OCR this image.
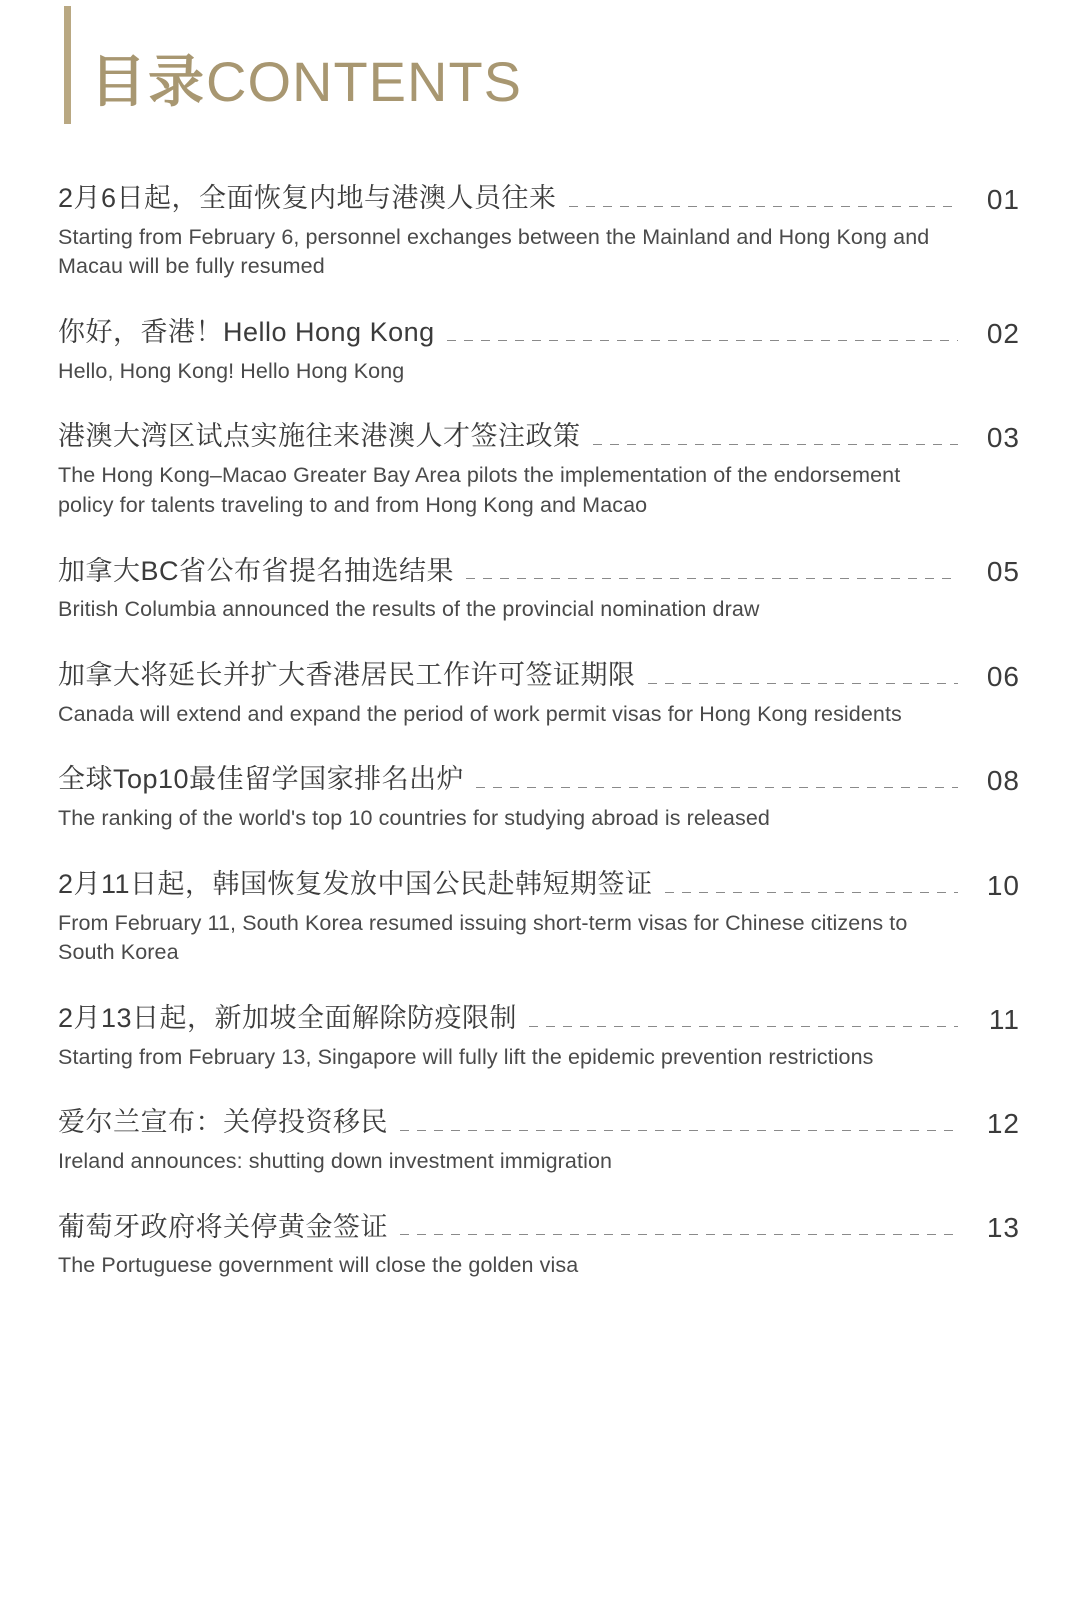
目录CONTENTS
2月6日起，全面恢复内地与港澳人员往来	01
Starting from February 6, personnel exchanges between the Mainland and Hong Kong and Macau will be fully resumed
你好，香港！Hello Hong Kong	02
Hello, Hong Kong! Hello Hong Kong
港澳大湾区试点实施往来港澳人才签注政策	03
The Hong Kong–Macao Greater Bay Area pilots the implementation of the endorsement policy for talents traveling to and from Hong Kong and Macao
加拿大BC省公布省提名抽选结果	05
British Columbia announced the results of the provincial nomination draw
加拿大将延长并扩大香港居民工作许可签证期限	06
Canada will extend and expand the period of work permit visas for Hong Kong residents
全球Top10最佳留学国家排名出炉	08
The ranking of the world's top 10 countries for studying abroad is released
2月11日起，韩国恢复发放中国公民赴韩短期签证	10
From February 11, South Korea resumed issuing short-term visas for Chinese citizens to South Korea
2月13日起，新加坡全面解除防疫限制	11
Starting from February 13, Singapore will fully lift the epidemic prevention restrictions
爱尔兰宣布：关停投资移民	12
Ireland announces: shutting down investment immigration
葡萄牙政府将关停黄金签证	13
The Portuguese government will close the golden visa
